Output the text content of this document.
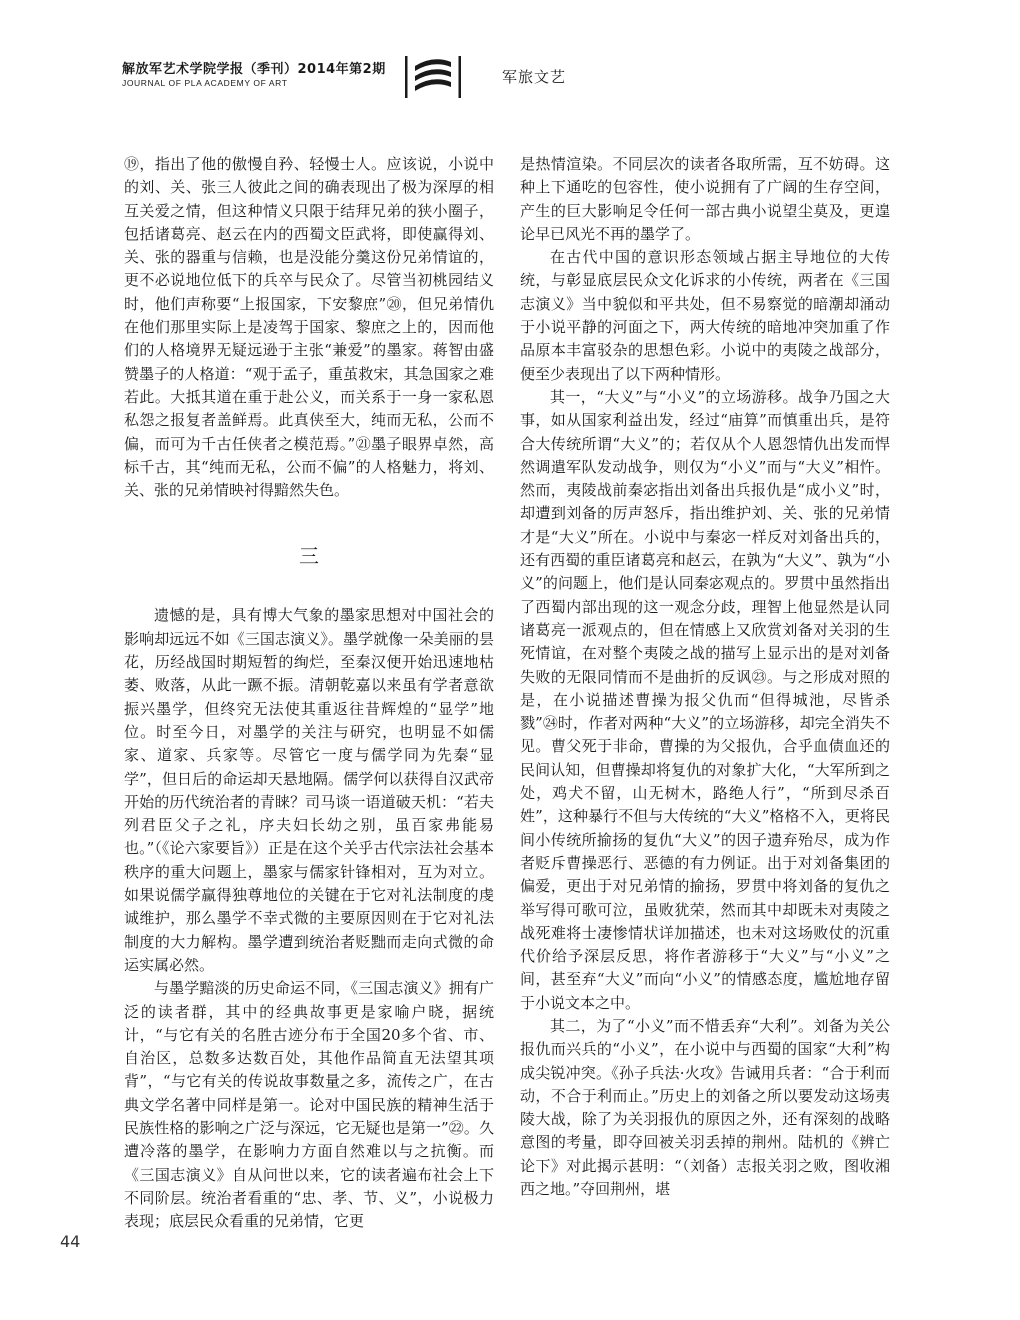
解放军艺术学院学报（季刊）2014年第2期
JOURNAL OF PLA ACADEMY OF ART	军旅文艺

⑲，指出了他的傲慢自矜、轻慢士人。应该说，小说中的刘、关、张三人彼此之间的确表现出了极为深厚的相互关爱之情，但这种情义只限于结拜兄弟的狭小圈子，包括诸葛亮、赵云在内的西蜀文臣武将，即使赢得刘、关、张的器重与信赖，也是没能分羹这份兄弟情谊的，更不必说地位低下的兵卒与民众了。尽管当初桃园结义时，他们声称要“上报国家，下安黎庶”⑳，但兄弟情仇在他们那里实际上是凌驾于国家、黎庶之上的，因而他们的人格境界无疑远逊于主张“兼爱”的墨家。蒋智由盛赞墨子的人格道：“观于孟子，重茧救宋，其急国家之难若此。大抵其道在重于赴公义，而关系于一身一家私恩私怨之报复者盖鲜焉。此真侠至大，纯而无私，公而不偏，而可为千古任侠者之模范焉。”㉑墨子眼界卓然，高标千古，其“纯而无私，公而不偏”的人格魅力，将刘、关、张的兄弟情映衬得黯然失色。

三

遗憾的是，具有博大气象的墨家思想对中国社会的影响却远远不如《三国志演义》。墨学就像一朵美丽的昙花，历经战国时期短暂的绚烂，至秦汉便开始迅速地枯萎、败落，从此一蹶不振。清朝乾嘉以来虽有学者意欲振兴墨学，但终究无法使其重返往昔辉煌的“显学”地位。时至今日，对墨学的关注与研究，也明显不如儒家、道家、兵家等。尽管它一度与儒学同为先秦“显学”，但日后的命运却天悬地隔。儒学何以获得自汉武帝开始的历代统治者的青睐？司马谈一语道破天机：“若夫列君臣父子之礼，序夫妇长幼之别，虽百家弗能易也。”（《论六家要旨》）正是在这个关乎古代宗法社会基本秩序的重大问题上，墨家与儒家针锋相对，互为对立。如果说儒学赢得独尊地位的关键在于它对礼法制度的虔诚维护，那么墨学不幸式微的主要原因则在于它对礼法制度的大力解构。墨学遭到统治者贬黜而走向式微的命运实属必然。

与墨学黯淡的历史命运不同，《三国志演义》拥有广泛的读者群，其中的经典故事更是家喻户晓，据统计，“与它有关的名胜古迹分布于全国20多个省、市、自治区，总数多达数百处，其他作品简直无法望其项背”，“与它有关的传说故事数量之多，流传之广，在古典文学名著中同样是第一。论对中国民族的精神生活于民族性格的影响之广泛与深远，它无疑也是第一”㉒。久遭冷落的墨学，在影响力方面自然难以与之抗衡。而《三国志演义》自从问世以来，它的读者遍布社会上下不同阶层。统治者看重的“忠、孝、节、义”，小说极力表现；底层民众看重的兄弟情，它更

是热情渲染。不同层次的读者各取所需，互不妨碍。这种上下通吃的包容性，使小说拥有了广阔的生存空间，产生的巨大影响足令任何一部古典小说望尘莫及，更遑论早已风光不再的墨学了。

在古代中国的意识形态领域占据主导地位的大传统，与彰显底层民众文化诉求的小传统，两者在《三国志演义》当中貌似和平共处，但不易察觉的暗潮却涌动于小说平静的河面之下，两大传统的暗地冲突加重了作品原本丰富驳杂的思想色彩。小说中的夷陵之战部分，便至少表现出了以下两种情形。

其一，“大义”与“小义”的立场游移。战争乃国之大事，如从国家利益出发，经过“庙算”而慎重出兵，是符合大传统所谓“大义”的；若仅从个人恩怨情仇出发而悍然调遣军队发动战争，则仅为“小义”而与“大义”相忤。然而，夷陵战前秦宓指出刘备出兵报仇是“成小义”时，却遭到刘备的厉声怒斥，指出维护刘、关、张的兄弟情才是“大义”所在。小说中与秦宓一样反对刘备出兵的，还有西蜀的重臣诸葛亮和赵云，在孰为“大义”、孰为“小义”的问题上，他们是认同秦宓观点的。罗贯中虽然指出了西蜀内部出现的这一观念分歧，理智上他显然是认同诸葛亮一派观点的，但在情感上又欣赏刘备对关羽的生死情谊，在对整个夷陵之战的描写上显示出的是对刘备失败的无限同情而不是曲折的反讽㉓。与之形成对照的是，在小说描述曹操为报父仇而“但得城池，尽皆杀戮”㉔时，作者对两种“大义”的立场游移，却完全消失不见。曹父死于非命，曹操的为父报仇，合乎血债血还的民间认知，但曹操却将复仇的对象扩大化，“大军所到之处，鸡犬不留，山无树木，路绝人行”，“所到尽杀百姓”，这种暴行不但与大传统的“大义”格格不入，更将民间小传统所揄扬的复仇“大义”的因子遗弃殆尽，成为作者贬斥曹操恶行、恶德的有力例证。出于对刘备集团的偏爱，更出于对兄弟情的揄扬，罗贯中将刘备的复仇之举写得可歌可泣，虽败犹荣，然而其中却既未对夷陵之战死难将士凄惨情状详加描述，也未对这场败仗的沉重代价给予深层反思，将作者游移于“大义”与“小义”之间，甚至弃“大义”而向“小义”的情感态度，尴尬地存留于小说文本之中。

其二，为了“小义”而不惜丢弃“大利”。刘备为关公报仇而兴兵的“小义”，在小说中与西蜀的国家“大利”构成尖锐冲突。《孙子兵法·火攻》告诫用兵者：“合于利而动，不合于利而止。”历史上的刘备之所以要发动这场夷陵大战，除了为关羽报仇的原因之外，还有深刻的战略意图的考量，即夺回被关羽丢掉的荆州。陆机的《辨亡论下》对此揭示甚明：“（刘备）志报关羽之败，图收湘西之地。”夺回荆州，堪

44
